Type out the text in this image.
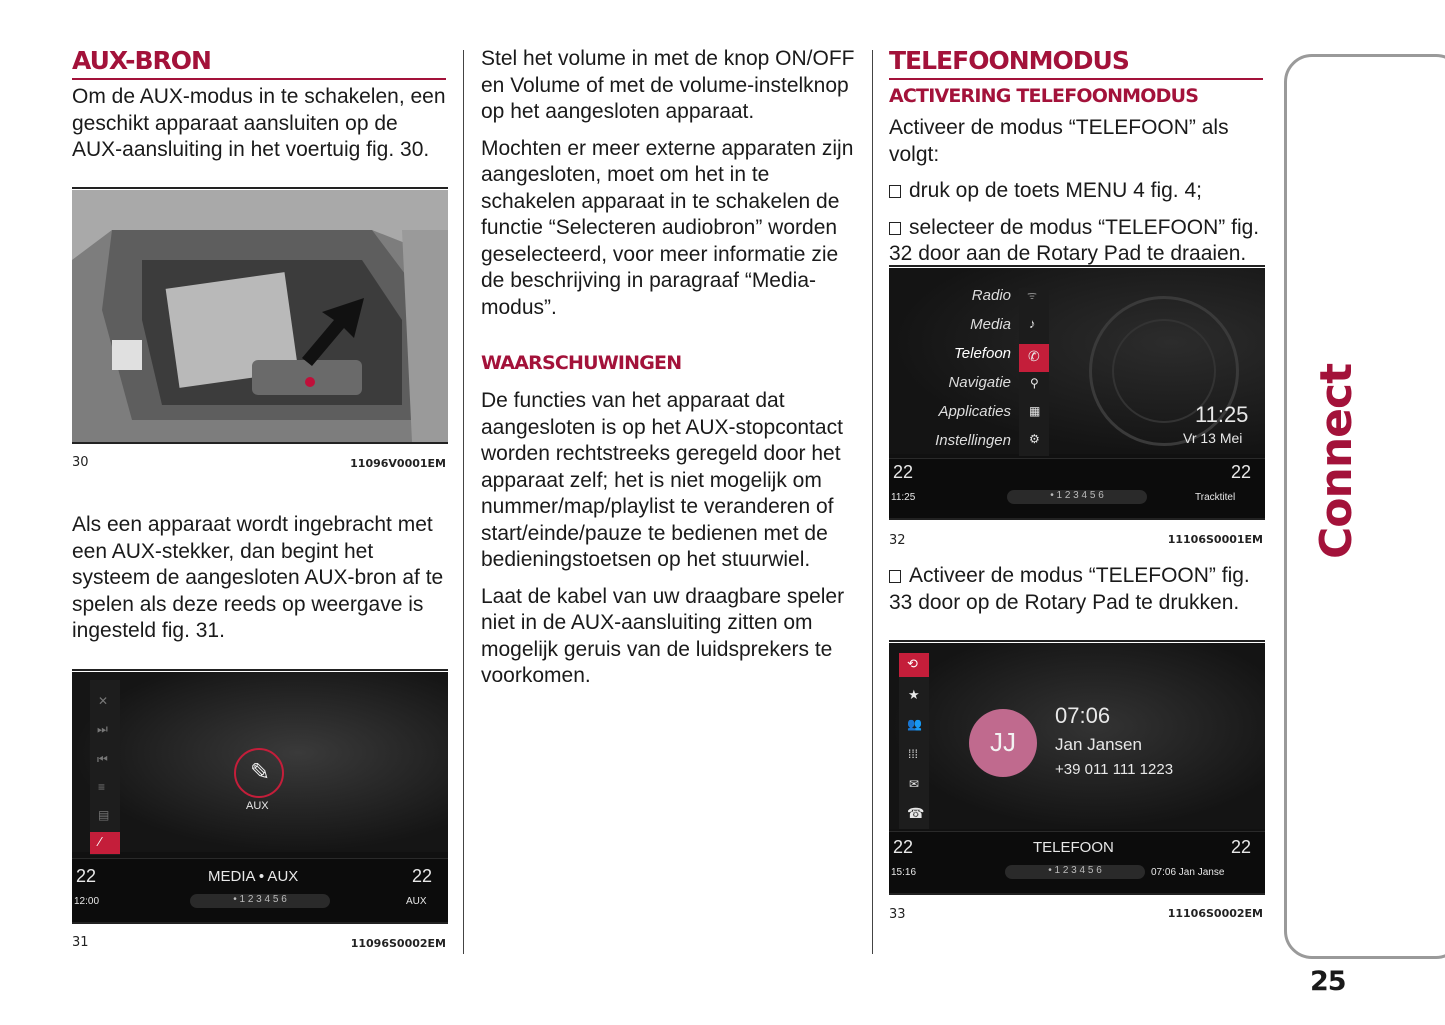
AUX-BRON

Om de AUX-modus in te schakelen, een geschikt apparaat aansluiten op de AUX-aansluiting in het voertuig fig. 30.

30	11096V0001EM

Als een apparaat wordt ingebracht met een AUX-stekker, dan begint het systeem de aangesloten AUX-bron af te spelen als deze reeds op weergave is ingesteld fig. 31.

✕
⏭
⏮
≡
▤
⁄
✎
AUX
22	MEDIA • AUX	22
12:00	• 1 2 3 4 5 6	AUX
31	11096S0002EM

Stel het volume in met de knop ON/OFF en Volume of met de volume-instelknop op het aangesloten apparaat.

Mochten er meer externe apparaten zijn aangesloten, moet om het in te schakelen apparaat in te schakelen de functie “Selecteren audiobron” worden geselecteerd, voor meer informatie zie de beschrijving in paragraaf “Media-modus”.

WAARSCHUWINGEN

De functies van het apparaat dat aangesloten is op het AUX-stopcontact worden rechtstreeks geregeld door het apparaat zelf; het is niet mogelijk om nummer/map/playlist te veranderen of start/einde/pauze te bedienen met de bedieningstoetsen op het stuurwiel.

Laat de kabel van uw draagbare speler niet in de AUX-aansluiting zitten om mogelijk geruis van de luidsprekers te voorkomen.

TELEFOONMODUS
ACTIVERING TELEFOONMODUS

Activeer de modus “TELEFOON” als volgt:

druk op de toets MENU 4 fig. 4;

selecteer de modus “TELEFOON” fig. 32 door aan de Rotary Pad te draaien.

ᯤ
♪
✆
⚲
▦
⚙
Radio
Media
Telefoon
Navigatie
Applicaties
Instellingen
11:25
Vr 13 Mei
22	22
11:25	• 1 2 3 4 5 6	Tracktitel
32	11106S0001EM

Activeer de modus “TELEFOON” fig. 33 door op de Rotary Pad te drukken.

⟲
★
👥
⁞⁞⁞
✉
☎
JJ
07:06
Jan Jansen
+39 011 111 1223
22	TELEFOON	22
15:16	• 1 2 3 4 5 6	07:06 Jan Janse
33	11106S0002EM
Connect
25
